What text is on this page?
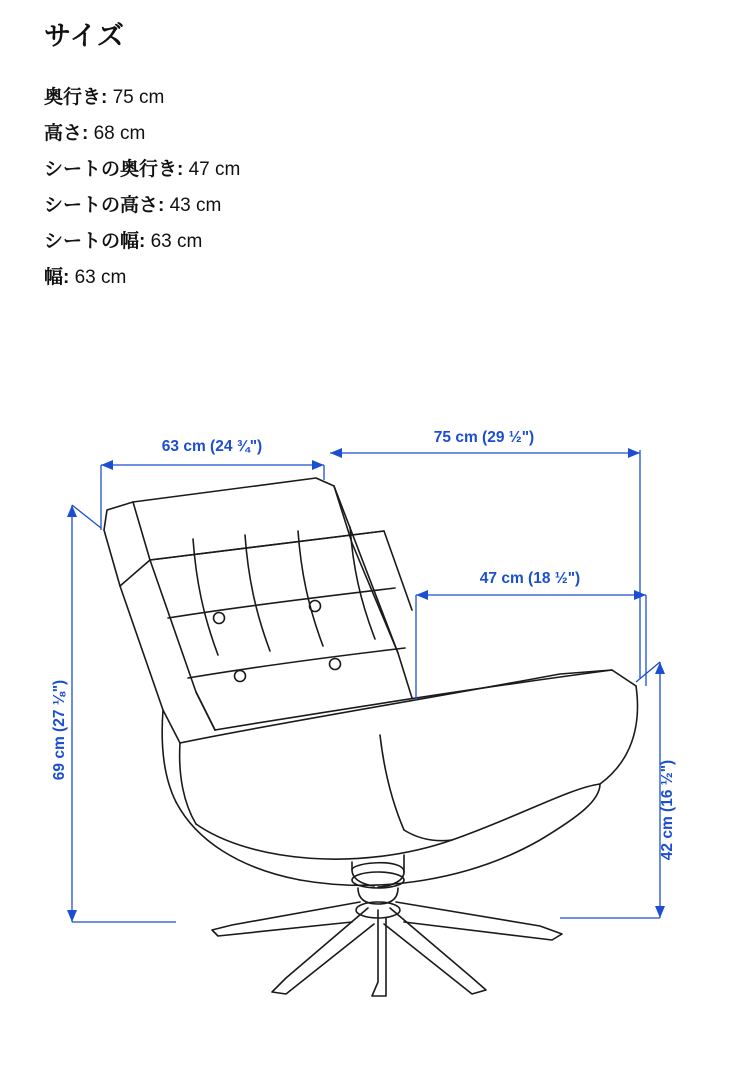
サイズ
奥行き: 75 cm
高さ: 68 cm
シートの奥行き: 47 cm
シートの高さ: 43 cm
シートの幅: 63 cm
幅: 63 cm
63 cm (24 ¾")
75 cm (29 ½")
47 cm (18 ½")
69 cm (27 ⅛")
42 cm (16 ½")
